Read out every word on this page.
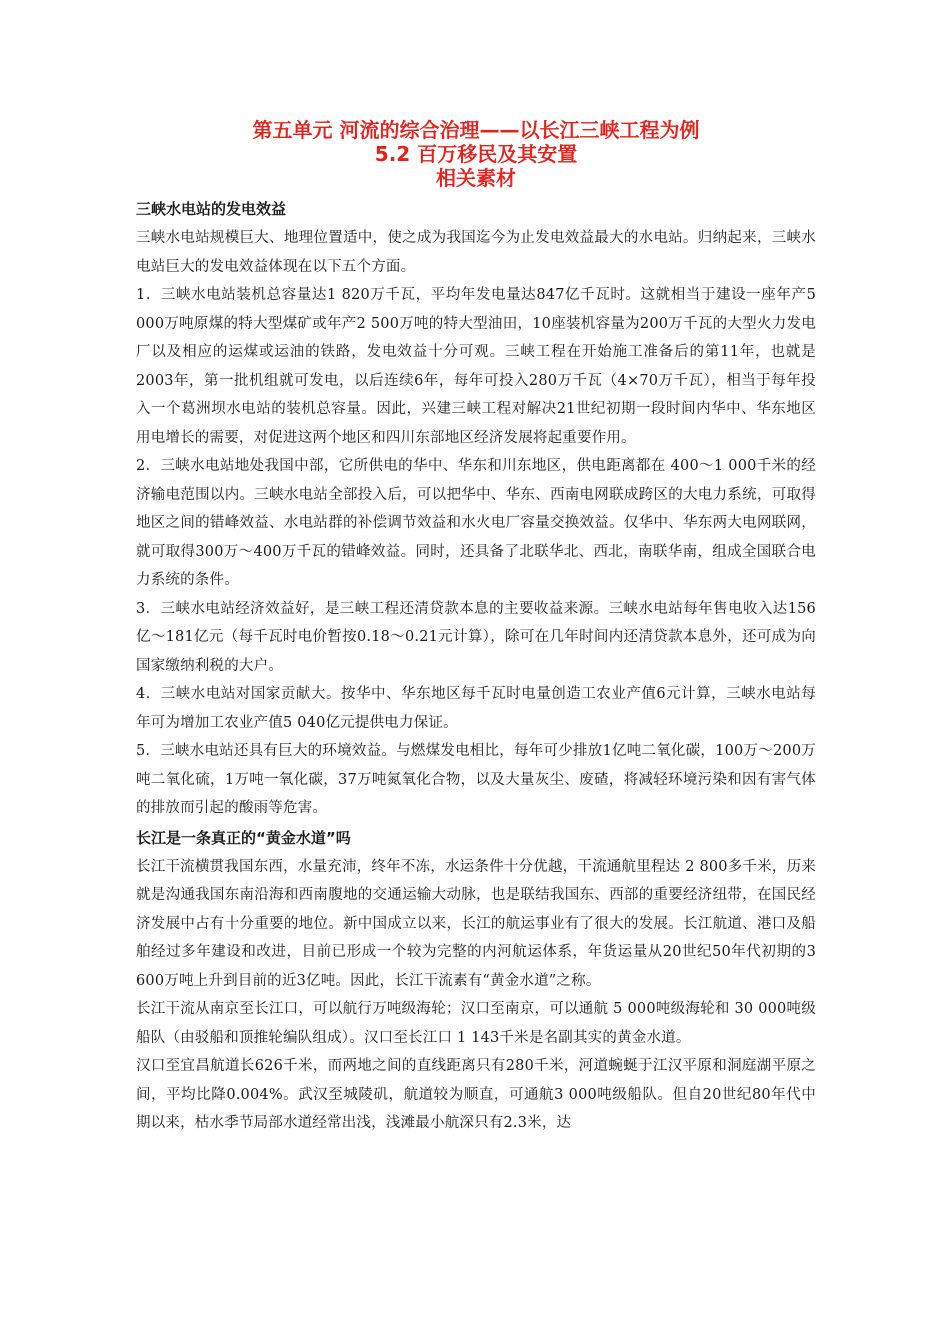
第五单元 河流的综合治理——以长江三峡工程为例
5.2 百万移民及其安置
相关素材
三峡水电站的发电效益

三峡水电站规模巨大、地理位置适中，使之成为我国迄今为止发电效益最大的水电站。归纳起来，三峡水电站巨大的发电效益体现在以下五个方面。

1．三峡水电站装机总容量达1 820万千瓦，平均年发电量达847亿千瓦时。这就相当于建设一座年产5 000万吨原煤的特大型煤矿或年产2 500万吨的特大型油田，10座装机容量为200万千瓦的大型火力发电厂以及相应的运煤或运油的铁路，发电效益十分可观。三峡工程在开始施工准备后的第11年，也就是2003年，第一批机组就可发电，以后连续6年，每年可投入280万千瓦（4×70万千瓦），相当于每年投入一个葛洲坝水电站的装机总容量。因此，兴建三峡工程对解决21世纪初期一段时间内华中、华东地区用电增长的需要，对促进这两个地区和四川东部地区经济发展将起重要作用。

2．三峡水电站地处我国中部，它所供电的华中、华东和川东地区，供电距离都在 400～1 000千米的经济输电范围以内。三峡水电站全部投入后，可以把华中、华东、西南电网联成跨区的大电力系统，可取得地区之间的错峰效益、水电站群的补偿调节效益和水火电厂容量交换效益。仅华中、华东两大电网联网，就可取得300万～400万千瓦的错峰效益。同时，还具备了北联华北、西北，南联华南，组成全国联合电力系统的条件。

3．三峡水电站经济效益好，是三峡工程还清贷款本息的主要收益来源。三峡水电站每年售电收入达156亿～181亿元（每千瓦时电价暂按0.18～0.21元计算），除可在几年时间内还清贷款本息外，还可成为向国家缴纳利税的大户。

4．三峡水电站对国家贡献大。按华中、华东地区每千瓦时电量创造工农业产值6元计算，三峡水电站每年可为增加工农业产值5 040亿元提供电力保证。

5．三峡水电站还具有巨大的环境效益。与燃煤发电相比，每年可少排放1亿吨二氧化碳，100万～200万吨二氧化硫，1万吨一氧化碳，37万吨氮氧化合物，以及大量灰尘、废碴，将减轻环境污染和因有害气体的排放而引起的酸雨等危害。

长江是一条真正的“黄金水道”吗

长江干流横贯我国东西，水量充沛，终年不冻，水运条件十分优越，干流通航里程达 2 800多千米，历来就是沟通我国东南沿海和西南腹地的交通运输大动脉，也是联结我国东、西部的重要经济纽带，在国民经济发展中占有十分重要的地位。新中国成立以来，长江的航运事业有了很大的发展。长江航道、港口及船舶经过多年建设和改进，目前已形成一个较为完整的内河航运体系，年货运量从20世纪50年代初期的3 600万吨上升到目前的近3亿吨。因此，长江干流素有“黄金水道”之称。

长江干流从南京至长江口，可以航行万吨级海轮；汉口至南京，可以通航 5 000吨级海轮和 30 000吨级船队（由驳船和顶推轮编队组成）。汉口至长江口 1 143千米是名副其实的黄金水道。

汉口至宜昌航道长626千米，而两地之间的直线距离只有280千米，河道蜿蜒于江汉平原和洞庭湖平原之间，平均比降0.004%。武汉至城陵矶，航道较为顺直，可通航3 000吨级船队。但自20世纪80年代中期以来，枯水季节局部水道经常出浅，浅滩最小航深只有2.3米，达
